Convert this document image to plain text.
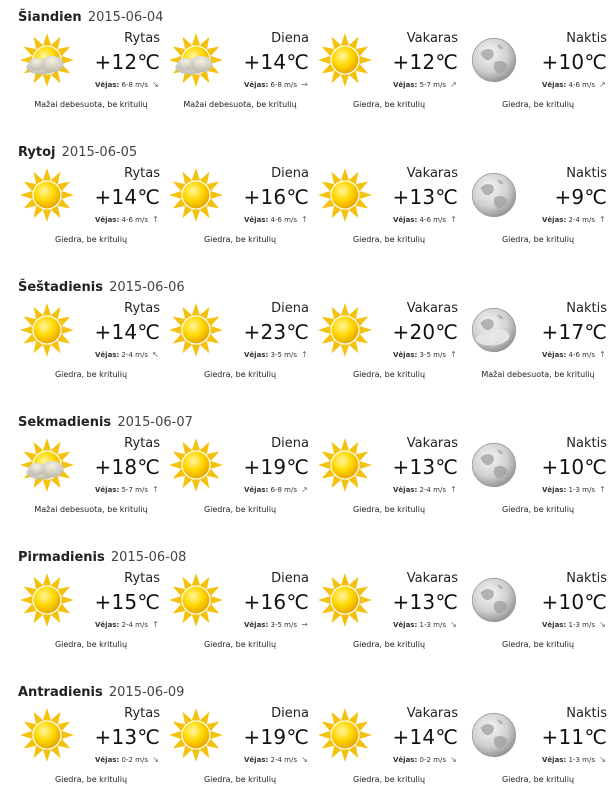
Šiandien 2015-06-04
Rytas
+12℃
Vėjas: 6-8 m/s ↘
Mažai debesuota, be kritulių
Diena
+14℃
Vėjas: 6-8 m/s →
Mažai debesuota, be kritulių
Vakaras
+12℃
Vėjas: 5-7 m/s ↗
Giedra, be kritulių
Naktis
+10℃
Vėjas: 4-6 m/s ↗
Giedra, be kritulių
Rytoj 2015-06-05
Rytas
+14℃
Vėjas: 4-6 m/s ↑
Giedra, be kritulių
Diena
+16℃
Vėjas: 4-6 m/s ↑
Giedra, be kritulių
Vakaras
+13℃
Vėjas: 4-6 m/s ↑
Giedra, be kritulių
Naktis
+9℃
Vėjas: 2-4 m/s ↑
Giedra, be kritulių
Šeštadienis 2015-06-06
Rytas
+14℃
Vėjas: 2-4 m/s ↖
Giedra, be kritulių
Diena
+23℃
Vėjas: 3-5 m/s ↑
Giedra, be kritulių
Vakaras
+20℃
Vėjas: 3-5 m/s ↑
Giedra, be kritulių
Naktis
+17℃
Vėjas: 4-6 m/s ↑
Mažai debesuota, be kritulių
Sekmadienis 2015-06-07
Rytas
+18℃
Vėjas: 5-7 m/s ↑
Mažai debesuota, be kritulių
Diena
+19℃
Vėjas: 6-8 m/s ↗
Giedra, be kritulių
Vakaras
+13℃
Vėjas: 2-4 m/s ↑
Giedra, be kritulių
Naktis
+10℃
Vėjas: 1-3 m/s ↑
Giedra, be kritulių
Pirmadienis 2015-06-08
Rytas
+15℃
Vėjas: 2-4 m/s ↑
Giedra, be kritulių
Diena
+16℃
Vėjas: 3-5 m/s →
Giedra, be kritulių
Vakaras
+13℃
Vėjas: 1-3 m/s ↘
Giedra, be kritulių
Naktis
+10℃
Vėjas: 1-3 m/s ↘
Giedra, be kritulių
Antradienis 2015-06-09
Rytas
+13℃
Vėjas: 0-2 m/s ↘
Giedra, be kritulių
Diena
+19℃
Vėjas: 2-4 m/s ↘
Giedra, be kritulių
Vakaras
+14℃
Vėjas: 0-2 m/s ↘
Giedra, be kritulių
Naktis
+11℃
Vėjas: 1-3 m/s ↘
Giedra, be kritulių
